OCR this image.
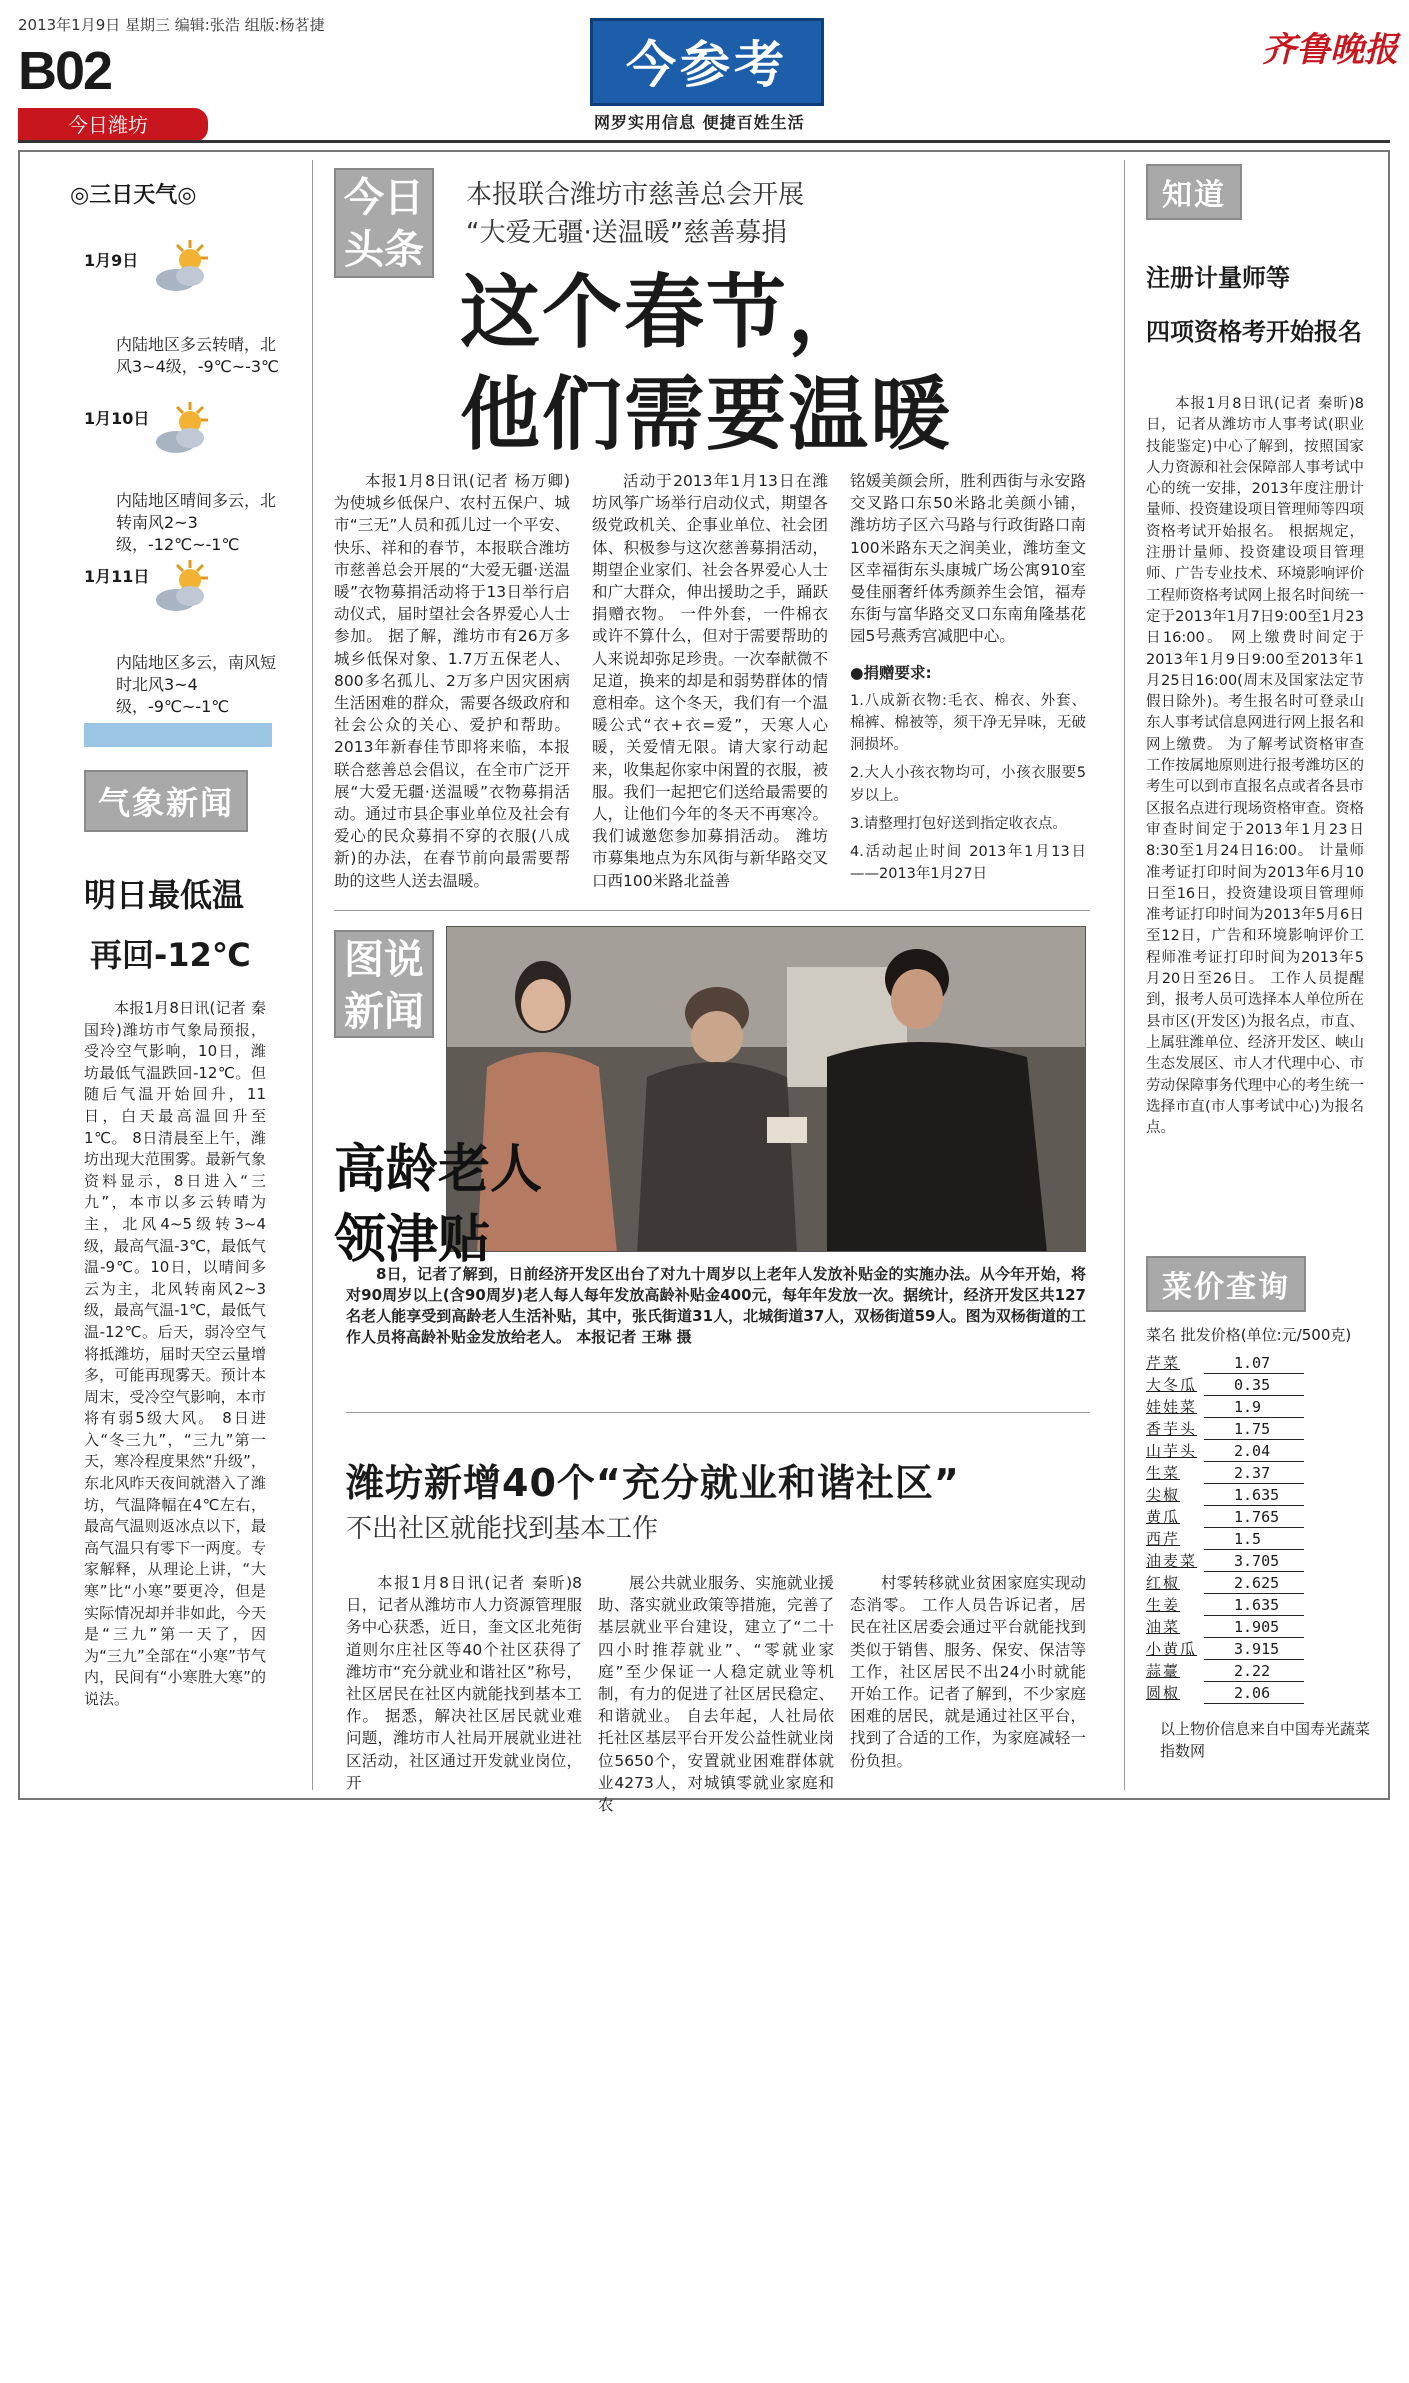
2013年1月9日 星期三 编辑:张浩 组版:杨茗捷
B02
今日潍坊
今参考
网罗实用信息 便捷百姓生活
齐鲁晚报
◎三日天气◎
1月9日
内陆地区多云转晴，北风3~4级，-9℃~-3℃
1月10日
内陆地区晴间多云，北转南风2~3级，-12℃~-1℃
1月11日
内陆地区多云，南风短时北风3~4级，-9℃~-1℃
气象新闻
明日最低温
再回-12℃
本报1月8日讯(记者 秦国玲)潍坊市气象局预报，受冷空气影响，10日，潍坊最低气温跌回-12℃。但随后气温开始回升，11日，白天最高温回升至1℃。 8日清晨至上午，潍坊出现大范围雾。最新气象资料显示，8日进入“三九”，本市以多云转晴为主，北风4~5级转3~4级，最高气温-3℃，最低气温-9℃。10日，以晴间多云为主，北风转南风2~3级，最高气温-1℃，最低气温-12℃。后天，弱冷空气将抵潍坊，届时天空云量增多，可能再现雾天。预计本周末，受冷空气影响，本市将有弱5级大风。 8日进入“冬三九”，“三九”第一天，寒冷程度果然“升级”，东北风昨天夜间就潜入了潍坊，气温降幅在4℃左右，最高气温则返冰点以下，最高气温只有零下一两度。专家解释，从理论上讲，“大寒”比“小寒”要更冷，但是实际情况却并非如此，今天是“三九”第一天了，因为“三九”全部在“小寒”节气内，民间有“小寒胜大寒”的说法。
今日头条
本报联合潍坊市慈善总会开展
“大爱无疆·送温暖”慈善募捐
这个春节，
他们需要温暖
本报1月8日讯(记者 杨万卿)为使城乡低保户、农村五保户、城市“三无”人员和孤儿过一个平安、快乐、祥和的春节，本报联合潍坊市慈善总会开展的“大爱无疆·送温暖”衣物募捐活动将于13日举行启动仪式，届时望社会各界爱心人士参加。 据了解，潍坊市有26万多城乡低保对象、1.7万五保老人、800多名孤儿、2万多户因灾困病生活困难的群众，需要各级政府和社会公众的关心、爱护和帮助。2013年新春佳节即将来临，本报联合慈善总会倡议，在全市广泛开展“大爱无疆·送温暖”衣物募捐活动。通过市县企事业单位及社会有爱心的民众募捐不穿的衣服(八成新)的办法，在春节前向最需要帮助的这些人送去温暖。
活动于2013年1月13日在潍坊风筝广场举行启动仪式，期望各级党政机关、企事业单位、社会团体、积极参与这次慈善募捐活动，期望企业家们、社会各界爱心人士和广大群众，伸出援助之手，踊跃捐赠衣物。 一件外套，一件棉衣或许不算什么，但对于需要帮助的人来说却弥足珍贵。一次奉献微不足道，换来的却是和弱势群体的情意相牵。这个冬天，我们有一个温暖公式“衣+衣=爱”，天寒人心暖，关爱情无限。请大家行动起来，收集起你家中闲置的衣服，被服。我们一起把它们送给最需要的人，让他们今年的冬天不再寒冷。我们诚邀您参加募捐活动。 潍坊市募集地点为东风街与新华路交叉口西100米路北益善
铭媛美颜会所，胜利西街与永安路交叉路口东50米路北美颜小铺，潍坊坊子区六马路与行政街路口南100米路东天之润美业，潍坊奎文区幸福街东头康城广场公寓910室曼佳丽奢纤体秀颜养生会馆，福寿东街与富华路交叉口东南角隆基花园5号燕秀宫减肥中心。
●捐赠要求:
1.八成新衣物:毛衣、棉衣、外套、棉裤、棉被等，须干净无异味，无破洞损坏。
2.大人小孩衣物均可，小孩衣服要5岁以上。
3.请整理打包好送到指定收衣点。
4.活动起止时间 2013年1月13日——2013年1月27日
图说新闻
高龄老人
领津贴
8日，记者了解到，日前经济开发区出台了对九十周岁以上老年人发放补贴金的实施办法。从今年开始，将对90周岁以上(含90周岁)老人每人每年发放高龄补贴金400元，每年年发放一次。据统计，经济开发区共127名老人能享受到高龄老人生活补贴，其中，张氏街道31人，北城街道37人，双杨街道59人。图为双杨街道的工作人员将高龄补贴金发放给老人。 本报记者 王琳 摄
潍坊新增40个“充分就业和谐社区”
不出社区就能找到基本工作
本报1月8日讯(记者 秦昕)8日，记者从潍坊市人力资源管理服务中心获悉，近日，奎文区北苑街道则尔庄社区等40个社区获得了潍坊市“充分就业和谐社区”称号，社区居民在社区内就能找到基本工作。 据悉，解决社区居民就业难问题，潍坊市人社局开展就业进社区活动，社区通过开发就业岗位，开
展公共就业服务、实施就业援助、落实就业政策等措施，完善了基层就业平台建设，建立了“二十四小时推荐就业”、“零就业家庭”至少保证一人稳定就业等机制，有力的促进了社区居民稳定、和谐就业。 自去年起，人社局依托社区基层平台开发公益性就业岗位5650个，安置就业困难群体就业4273人，对城镇零就业家庭和农
村零转移就业贫困家庭实现动态消零。 工作人员告诉记者，居民在社区居委会通过平台就能找到类似于销售、服务、保安、保洁等工作，社区居民不出24小时就能开始工作。记者了解到，不少家庭困难的居民，就是通过社区平台，找到了合适的工作，为家庭减轻一份负担。
知道
注册计量师等
四项资格考开始报名
本报1月8日讯(记者 秦昕)8日，记者从潍坊市人事考试(职业技能鉴定)中心了解到，按照国家人力资源和社会保障部人事考试中心的统一安排，2013年度注册计量师、投资建设项目管理师等四项资格考试开始报名。 根据规定，注册计量师、投资建设项目管理师、广告专业技术、环境影响评价工程师资格考试网上报名时间统一定于2013年1月7日9:00至1月23日16:00。 网上缴费时间定于2013年1月9日9:00至2013年1月25日16:00(周末及国家法定节假日除外)。考生报名时可登录山东人事考试信息网进行网上报名和网上缴费。 为了解考试资格审查工作按属地原则进行报考潍坊区的考生可以到市直报名点或者各县市区报名点进行现场资格审查。资格审查时间定于2013年1月23日8:30至1月24日16:00。 计量师准考证打印时间为2013年6月10日至16日，投资建设项目管理师准考证打印时间为2013年5月6日至12日，广告和环境影响评价工程师准考证打印时间为2013年5月20日至26日。 工作人员提醒到，报考人员可选择本人单位所在县市区(开发区)为报名点，市直、上属驻潍单位、经济开发区、峡山生态发展区、市人才代理中心、市劳动保障事务代理中心的考生统一选择市直(市人事考试中心)为报名点。
菜价查询
菜名 批发价格(单位:元/500克)
芹菜	1.07
大冬瓜	0.35
娃娃菜	1.9
香芋头	1.75
山芋头	2.04
生菜	2.37
尖椒	1.635
黄瓜	1.765
西芹	1.5
油麦菜	3.705
红椒	2.625
生姜	1.635
油菜	1.905
小黄瓜	3.915
蒜薹	2.22
圆椒	2.06
以上物价信息来自中国寿光蔬菜指数网
